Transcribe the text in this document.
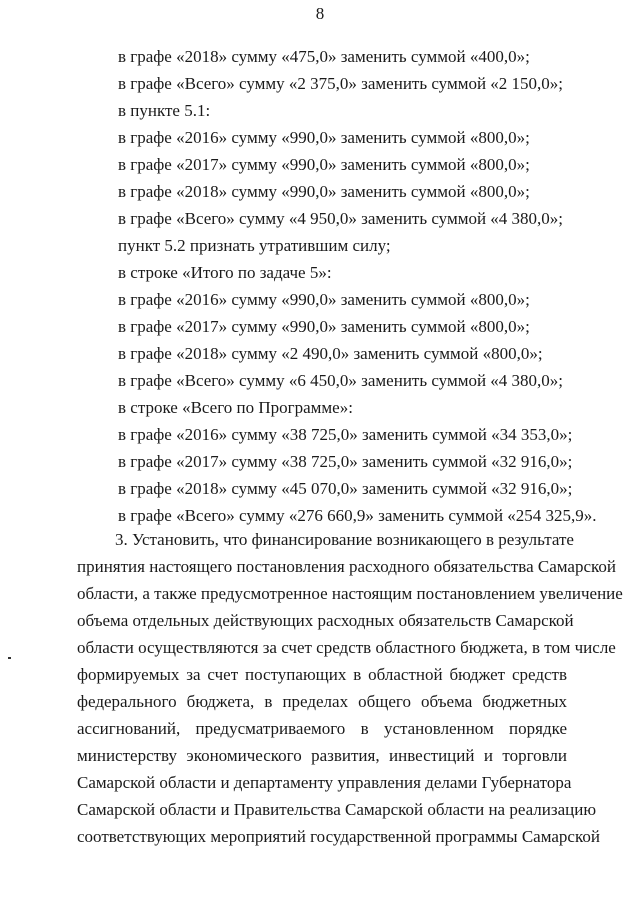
8
в графе «2018» сумму «475,0» заменить суммой «400,0»;
в графе «Всего» сумму «2 375,0» заменить суммой «2 150,0»;
в пункте 5.1:
в графе «2016» сумму «990,0» заменить суммой «800,0»;
в графе «2017» сумму «990,0» заменить суммой «800,0»;
в графе «2018» сумму «990,0» заменить суммой «800,0»;
в графе «Всего» сумму «4 950,0» заменить суммой «4 380,0»;
пункт 5.2 признать утратившим силу;
в строке «Итого по задаче 5»:
в графе «2016» сумму «990,0» заменить суммой «800,0»;
в графе «2017» сумму «990,0» заменить суммой «800,0»;
в графе «2018» сумму «2 490,0» заменить суммой «800,0»;
в графе «Всего» сумму «6 450,0» заменить суммой «4 380,0»;
в строке «Всего по Программе»:
в графе «2016» сумму «38 725,0» заменить суммой «34 353,0»;
в графе «2017» сумму «38 725,0» заменить суммой «32 916,0»;
в графе «2018» сумму «45 070,0» заменить суммой «32 916,0»;
в графе «Всего» сумму «276 660,9» заменить суммой «254 325,9».
3. Установить, что финансирование возникающего в результате
принятия настоящего постановления расходного обязательства Самарской
области, а также предусмотренное настоящим постановлением увеличение
объема отдельных действующих расходных обязательств Самарской
области осуществляются за счет средств областного бюджета, в том числе
формируемых за счет поступающих в областной бюджет средств
федерального бюджета, в пределах общего объема бюджетных
ассигнований, предусматриваемого в установленном порядке
министерству экономического развития, инвестиций и торговли
Самарской области и департаменту управления делами Губернатора
Самарской области и Правительства Самарской области на реализацию
соответствующих мероприятий государственной программы Самарской
